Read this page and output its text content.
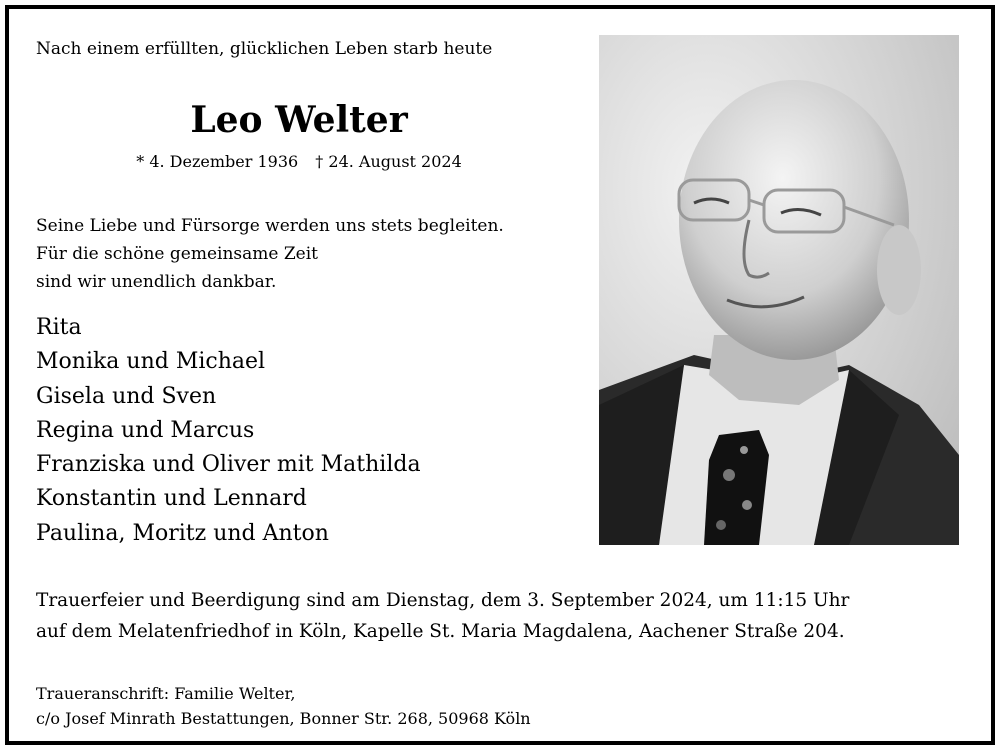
Nach einem erfüllten, glücklichen Leben starb heute
Leo Welter
* 4. Dezember 1936 † 24. August 2024
Seine Liebe und Fürsorge werden uns stets begleiten.
Für die schöne gemeinsame Zeit
sind wir unendlich dankbar.
Rita
Monika und Michael
Gisela und Sven
Regina und Marcus
Franziska und Oliver mit Mathilda
Konstantin und Lennard
Paulina, Moritz und Anton
Trauerfeier und Beerdigung sind am Dienstag, dem 3. September 2024, um 11:15 Uhr
auf dem Melatenfriedhof in Köln, Kapelle St. Maria Magdalena, Aachener Straße 204.
Traueranschrift: Familie Welter,
c/o Josef Minrath Bestattungen, Bonner Str. 268, 50968 Köln
